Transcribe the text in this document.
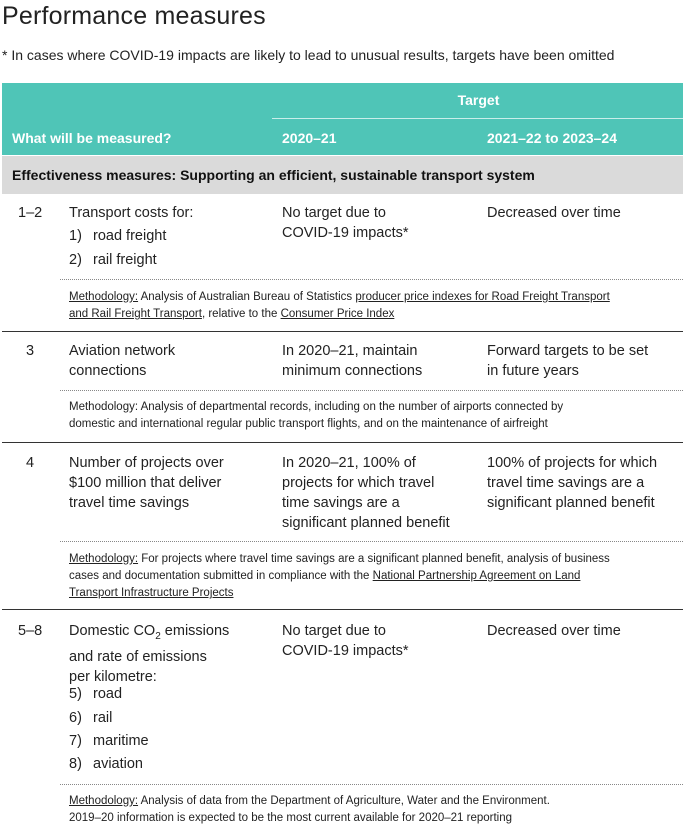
Performance measures
* In cases where COVID-19 impacts are likely to lead to unusual results, targets have been omitted
Target
What will be measured?	2020–21	2021–22 to 2023–24
Effectiveness measures: Supporting an efficient, sustainable transport system
1–2 Transport costs for:
1) road freight
2) rail freight
No target due to
COVID-19 impacts*
Decreased over time
Methodology: Analysis of Australian Bureau of Statistics producer price indexes for Road Freight Transport
and Rail Freight Transport, relative to the Consumer Price Index
3 Aviation network
connections
In 2020–21, maintain
minimum connections
Forward targets to be set
in future years
Methodology: Analysis of departmental records, including on the number of airports connected by
domestic and international regular public transport flights, and on the maintenance of airfreight
4 Number of projects over
$100 million that deliver
travel time savings
In 2020–21, 100% of
projects for which travel
time savings are a
significant planned benefit
100% of projects for which
travel time savings are a
significant planned benefit
Methodology: For projects where travel time savings are a significant planned benefit, analysis of business
cases and documentation submitted in compliance with the National Partnership Agreement on Land
Transport Infrastructure Projects
5–8 Domestic $CO_2$ emissions
and rate of emissions
per kilometre:
5) road
6) rail
7) maritime
8) aviation
No target due to
COVID-19 impacts*
Decreased over time
Methodology: Analysis of data from the Department of Agriculture, Water and the Environment.
2019–20 information is expected to be the most current available for 2020–21 reporting
